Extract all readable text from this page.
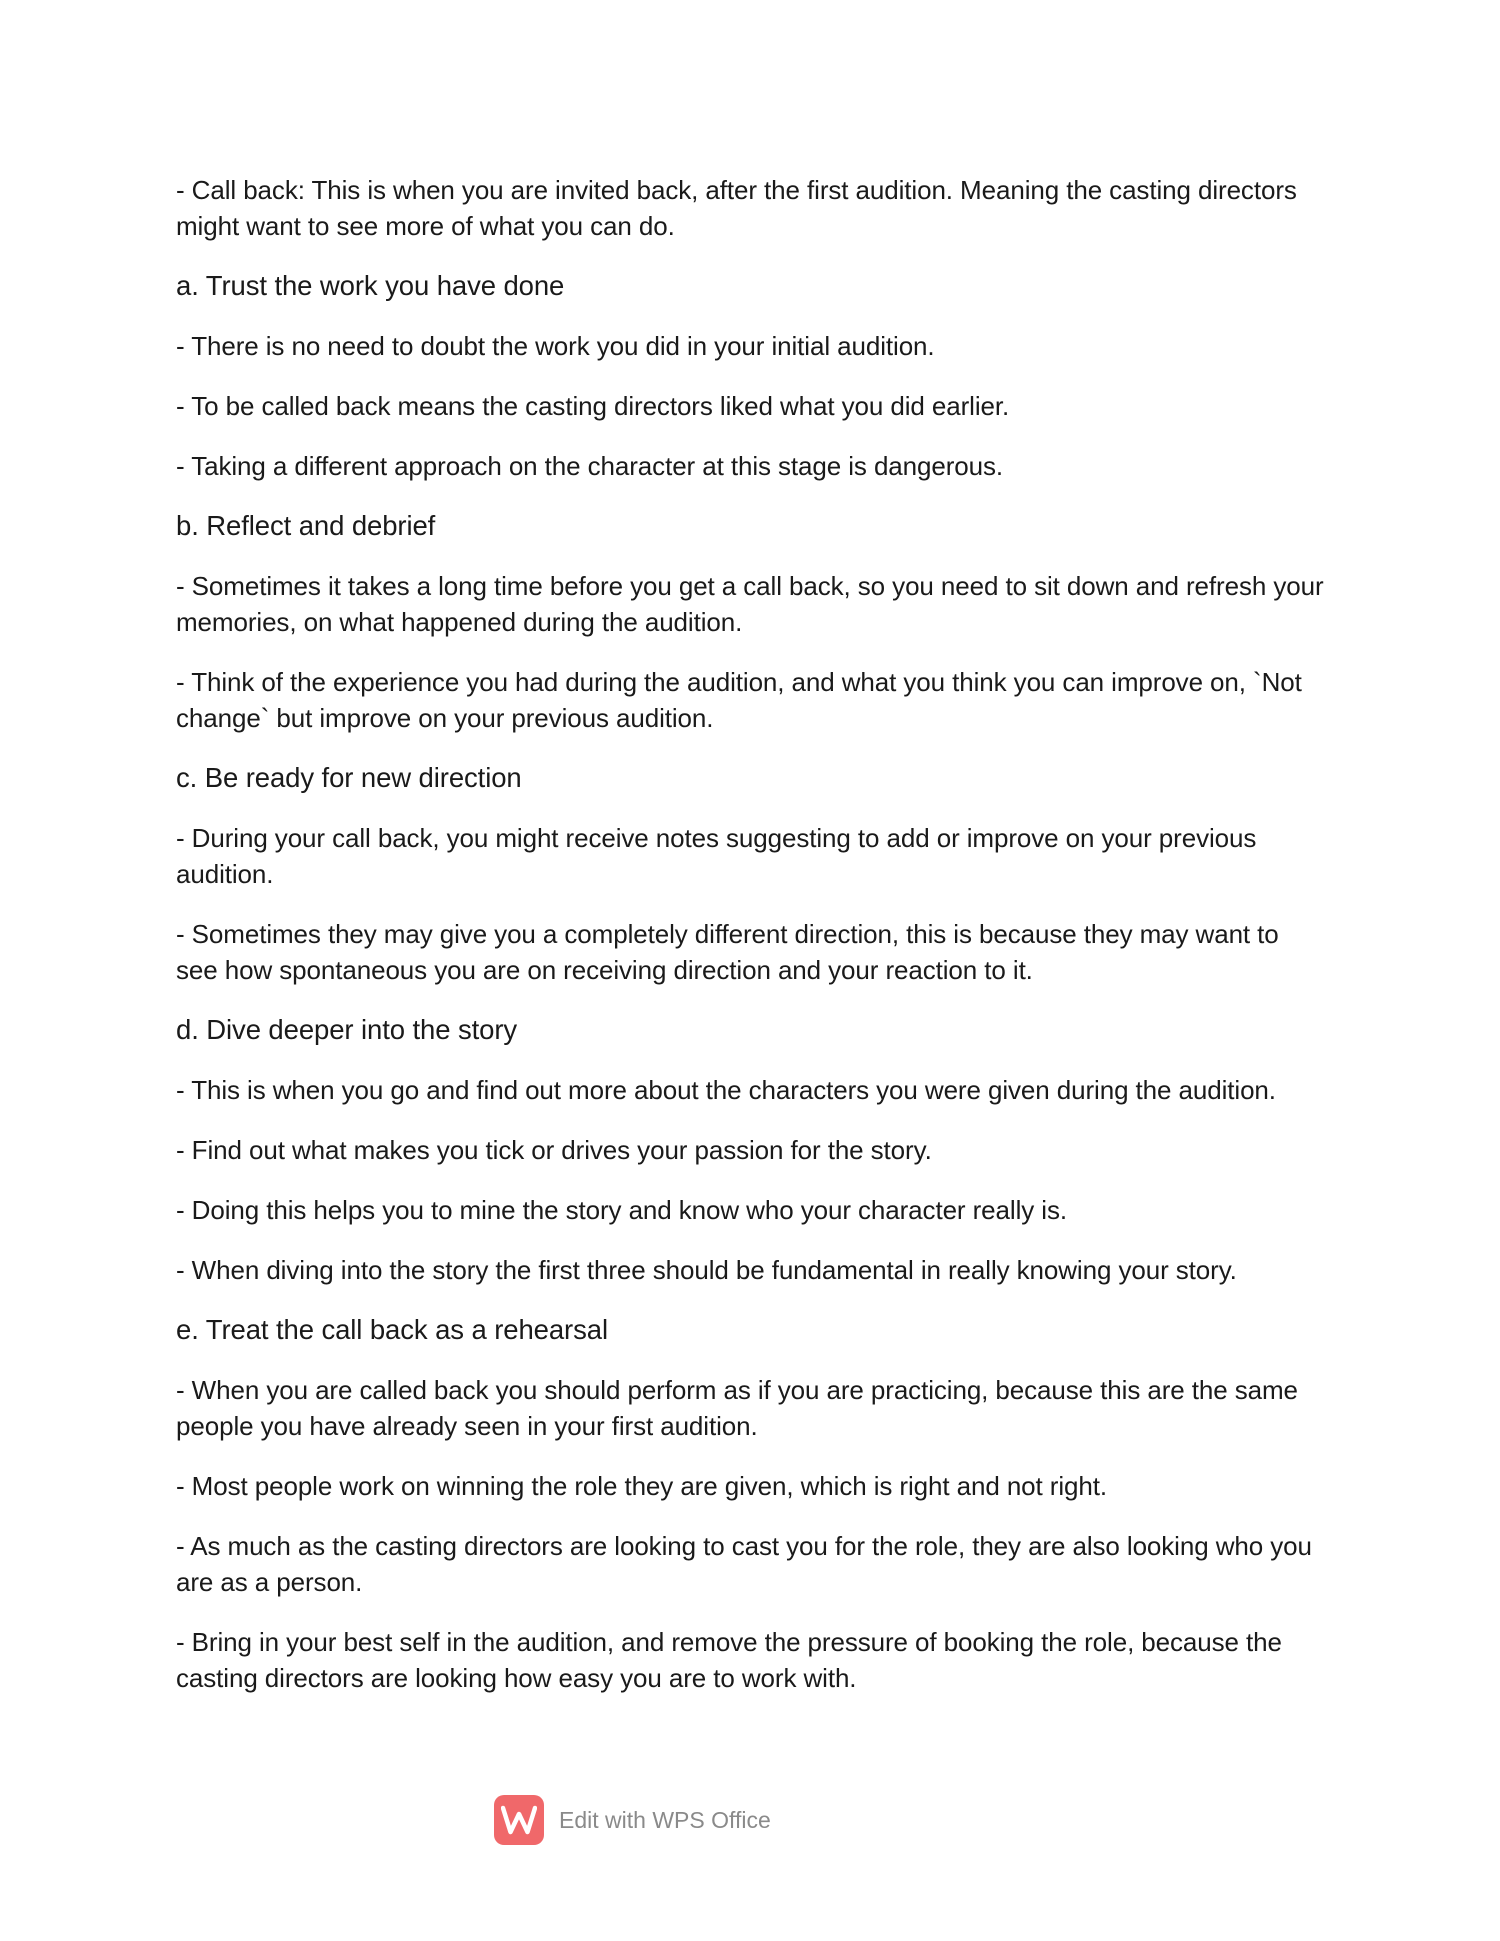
- Call back: This is when you are invited back, after the first audition. Meaning the casting directors might want to see more of what you can do.

a. Trust the work you have done

- There is no need to doubt the work you did in your initial audition.

- To be called back means the casting directors liked what you did earlier.

- Taking a different approach on the character at this stage is dangerous.

b. Reflect and debrief

- Sometimes it takes a long time before you get a call back, so you need to sit down and refresh your memories, on what happened during the audition.

- Think of the experience you had during the audition, and what you think you can improve on, `Not change` but improve on your previous audition.

c. Be ready for new direction

- During your call back, you might receive notes suggesting to add or improve on your previous audition.

- Sometimes they may give you a completely different direction, this is because they may want to see how spontaneous you are on receiving direction and your reaction to it.

d. Dive deeper into the story

- This is when you go and find out more about the characters you were given during the audition.

- Find out what makes you tick or drives your passion for the story.

- Doing this helps you to mine the story and know who your character really is.

- When diving into the story the first three should be fundamental in really knowing your story.

e. Treat the call back as a rehearsal

- When you are called back you should perform as if you are practicing, because this are the same people you have already seen in your first audition.

- Most people work on winning the role they are given, which is right and not right.

- As much as the casting directors are looking to cast you for the role, they are also looking who you are as a person.

- Bring in your best self in the audition, and remove the pressure of booking the role, because the casting directors are looking how easy you are to work with.

Edit with WPS Office
